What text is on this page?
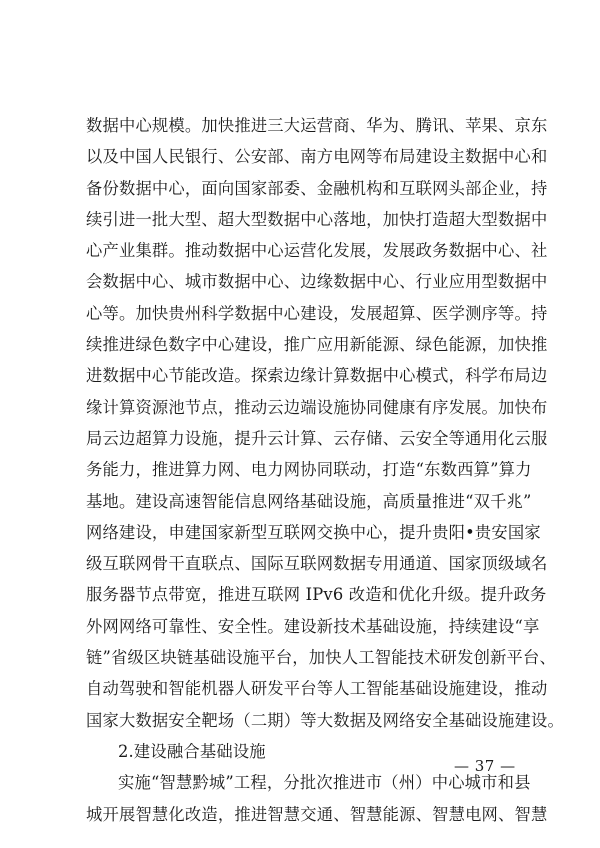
数据中心规模。加快推进三大运营商、华为、腾讯、苹果、京东
以及中国人民银行、公安部、南方电网等布局建设主数据中心和
备份数据中心，面向国家部委、金融机构和互联网头部企业，持
续引进一批大型、超大型数据中心落地，加快打造超大型数据中
心产业集群。推动数据中心运营化发展，发展政务数据中心、社
会数据中心、城市数据中心、边缘数据中心、行业应用型数据中
心等。加快贵州科学数据中心建设，发展超算、医学测序等。持
续推进绿色数字中心建设，推广应用新能源、绿色能源，加快推
进数据中心节能改造。探索边缘计算数据中心模式，科学布局边
缘计算资源池节点，推动云边端设施协同健康有序发展。加快布
局云边超算力设施，提升云计算、云存储、云安全等通用化云服
务能力，推进算力网、电力网协同联动，打造“东数西算”算力
基地。建设高速智能信息网络基础设施，高质量推进“双千兆”
网络建设，申建国家新型互联网交换中心，提升贵阳•贵安国家
级互联网骨干直联点、国际互联网数据专用通道、国家顶级域名
服务器节点带宽，推进互联网 IPv6 改造和优化升级。提升政务
外网网络可靠性、安全性。建设新技术基础设施，持续建设“享
链”省级区块链基础设施平台，加快人工智能技术研发创新平台、
自动驾驶和智能机器人研发平台等人工智能基础设施建设，推动
国家大数据安全靶场（二期）等大数据及网络安全基础设施建设。
2.建设融合基础设施
实施“智慧黔城”工程，分批次推进市（州）中心城市和县
城开展智慧化改造，推进智慧交通、智慧能源、智慧电网、智慧
— 37 —
